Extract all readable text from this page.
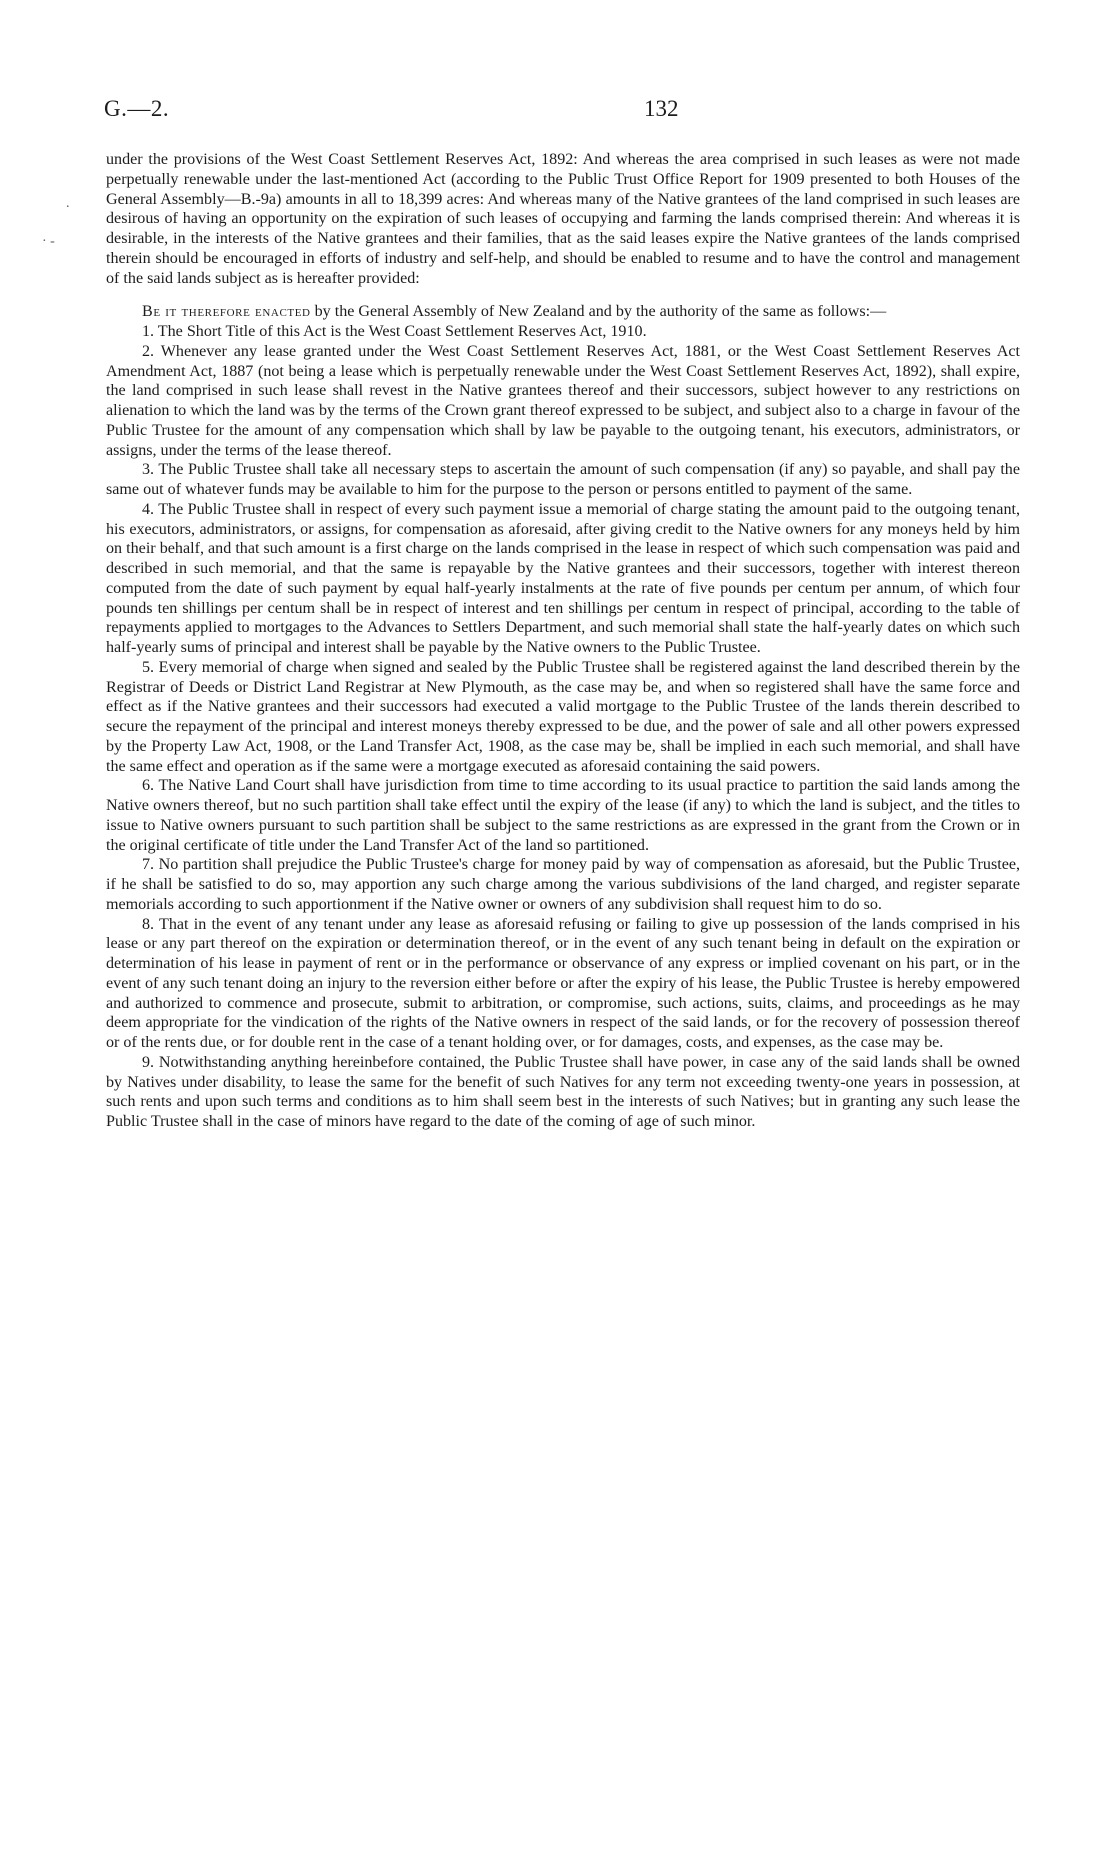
G.—2.	132
.
· -

under the provisions of the West Coast Settlement Reserves Act, 1892: And whereas the area comprised in such leases as were not made perpetually renewable under the last-mentioned Act (according to the Public Trust Office Report for 1909 presented to both Houses of the General Assembly—B.-9a) amounts in all to 18,399 acres: And whereas many of the Native grantees of the land comprised in such leases are desirous of having an opportunity on the expiration of such leases of occupying and farming the lands comprised therein: And whereas it is desirable, in the interests of the Native grantees and their families, that as the said leases expire the Native grantees of the lands comprised therein should be encouraged in efforts of industry and self-help, and should be enabled to resume and to have the control and management of the said lands subject as is hereafter provided:

Be it therefore enacted by the General Assembly of New Zealand and by the authority of the same as follows:—

1. The Short Title of this Act is the West Coast Settlement Reserves Act, 1910.

2. Whenever any lease granted under the West Coast Settlement Reserves Act, 1881, or the West Coast Settlement Reserves Act Amendment Act, 1887 (not being a lease which is perpetually renewable under the West Coast Settlement Reserves Act, 1892), shall expire, the land comprised in such lease shall revest in the Native grantees thereof and their successors, subject however to any restrictions on alienation to which the land was by the terms of the Crown grant thereof expressed to be subject, and subject also to a charge in favour of the Public Trustee for the amount of any compensation which shall by law be payable to the outgoing tenant, his executors, administrators, or assigns, under the terms of the lease thereof.

3. The Public Trustee shall take all necessary steps to ascertain the amount of such compensation (if any) so payable, and shall pay the same out of whatever funds may be available to him for the purpose to the person or persons entitled to payment of the same.

4. The Public Trustee shall in respect of every such payment issue a memorial of charge stating the amount paid to the outgoing tenant, his executors, administrators, or assigns, for compensation as aforesaid, after giving credit to the Native owners for any moneys held by him on their behalf, and that such amount is a first charge on the lands comprised in the lease in respect of which such compensation was paid and described in such memorial, and that the same is repayable by the Native grantees and their successors, together with interest thereon computed from the date of such payment by equal half-yearly instalments at the rate of five pounds per centum per annum, of which four pounds ten shillings per centum shall be in respect of interest and ten shillings per centum in respect of principal, according to the table of repayments applied to mortgages to the Advances to Settlers Department, and such memorial shall state the half-yearly dates on which such half-yearly sums of principal and interest shall be payable by the Native owners to the Public Trustee.

5. Every memorial of charge when signed and sealed by the Public Trustee shall be registered against the land described therein by the Registrar of Deeds or District Land Registrar at New Plymouth, as the case may be, and when so registered shall have the same force and effect as if the Native grantees and their successors had executed a valid mortgage to the Public Trustee of the lands therein described to secure the repayment of the principal and interest moneys thereby expressed to be due, and the power of sale and all other powers expressed by the Property Law Act, 1908, or the Land Transfer Act, 1908, as the case may be, shall be implied in each such memorial, and shall have the same effect and operation as if the same were a mortgage executed as aforesaid containing the said powers.

6. The Native Land Court shall have jurisdiction from time to time according to its usual practice to partition the said lands among the Native owners thereof, but no such partition shall take effect until the expiry of the lease (if any) to which the land is subject, and the titles to issue to Native owners pursuant to such partition shall be subject to the same restrictions as are expressed in the grant from the Crown or in the original certificate of title under the Land Transfer Act of the land so partitioned.

7. No partition shall prejudice the Public Trustee's charge for money paid by way of compensation as aforesaid, but the Public Trustee, if he shall be satisfied to do so, may apportion any such charge among the various subdivisions of the land charged, and register separate memorials according to such apportionment if the Native owner or owners of any subdivision shall request him to do so.

8. That in the event of any tenant under any lease as aforesaid refusing or failing to give up possession of the lands comprised in his lease or any part thereof on the expiration or determination thereof, or in the event of any such tenant being in default on the expiration or determination of his lease in payment of rent or in the performance or observance of any express or implied covenant on his part, or in the event of any such tenant doing an injury to the reversion either before or after the expiry of his lease, the Public Trustee is hereby empowered and authorized to commence and prosecute, submit to arbitration, or compromise, such actions, suits, claims, and proceedings as he may deem appropriate for the vindication of the rights of the Native owners in respect of the said lands, or for the recovery of possession thereof or of the rents due, or for double rent in the case of a tenant holding over, or for damages, costs, and expenses, as the case may be.

9. Notwithstanding anything hereinbefore contained, the Public Trustee shall have power, in case any of the said lands shall be owned by Natives under disability, to lease the same for the benefit of such Natives for any term not exceeding twenty-one years in possession, at such rents and upon such terms and conditions as to him shall seem best in the interests of such Natives; but in granting any such lease the Public Trustee shall in the case of minors have regard to the date of the coming of age of such minor.
